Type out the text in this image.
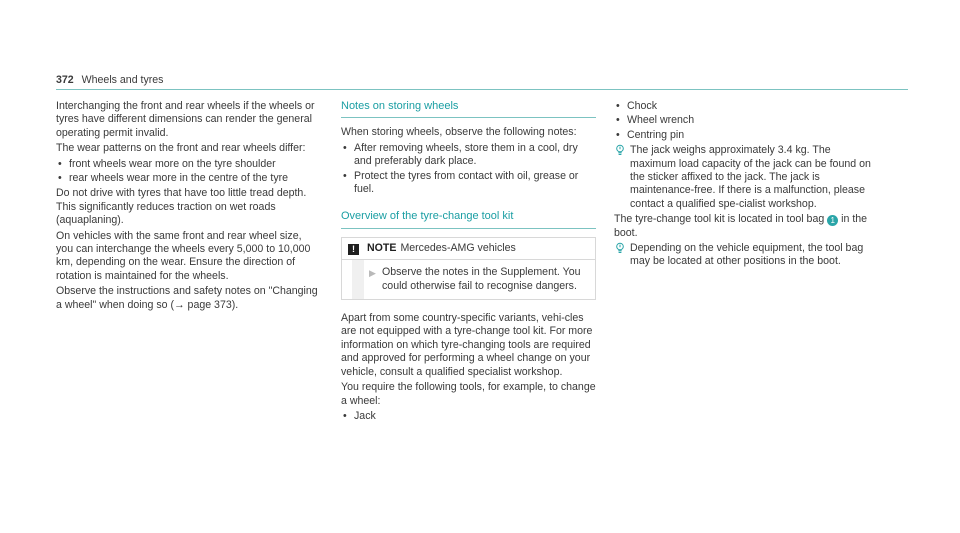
372 Wheels and tyres

Interchanging the front and rear wheels if the wheels or tyres have different dimensions can render the general operating permit invalid.

The wear patterns on the front and rear wheels differ:

• front wheels wear more on the tyre shoulder
• rear wheels wear more in the centre of the tyre

Do not drive with tyres that have too little tread depth. This significantly reduces traction on wet roads (aquaplaning).

On vehicles with the same front and rear wheel size, you can interchange the wheels every 5,000 to 10,000 km, depending on the wear. Ensure the direction of rotation is maintained for the wheels.

Observe the instructions and safety notes on "Changing a wheel" when doing so (→ page 373).

Notes on storing wheels

When storing wheels, observe the following notes:

• After removing wheels, store them in a cool, dry and preferably dark place.
• Protect the tyres from contact with oil, grease or fuel.
Overview of the tyre-change tool kit
! NOTE Mercedes-AMG vehicles
▶ Observe the notes in the Supplement. You could otherwise fail to recognise dangers.

Apart from some country-specific variants, vehi-cles are not equipped with a tyre-change tool kit. For more information on which tyre-changing tools are required and approved for performing a wheel change on your vehicle, consult a qualified specialist workshop.

You require the following tools, for example, to change a wheel:

• Jack
• Chock
• Wheel wrench
• Centring pin
The jack weighs approximately 3.4 kg. The maximum load capacity of the jack can be found on the sticker affixed to the jack. The jack is maintenance-free. If there is a malfunction, please contact a qualified spe-cialist workshop.

The tyre-change tool kit is located in tool bag 1 in the boot.

Depending on the vehicle equipment, the tool bag may be located at other positions in the boot.
